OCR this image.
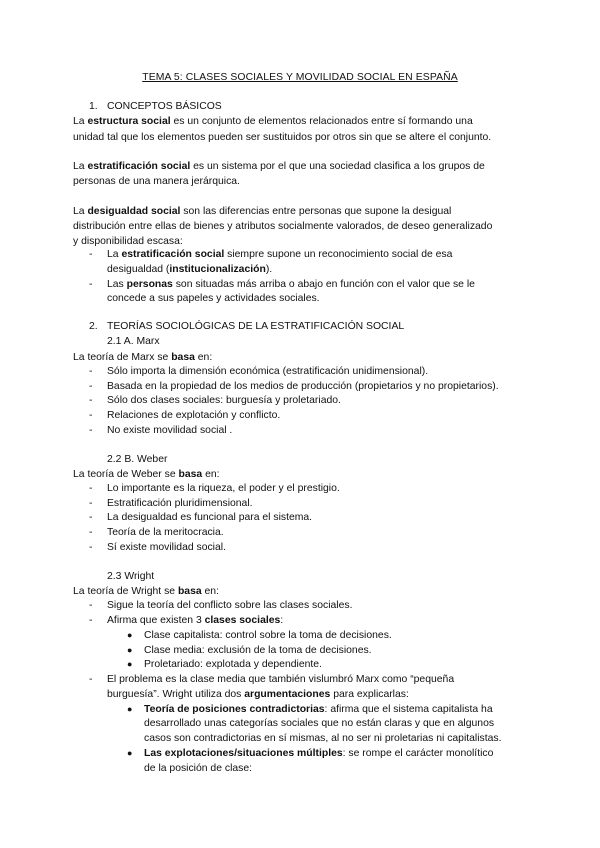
TEMA 5: CLASES SOCIALES Y MOVILIDAD SOCIAL EN ESPAÑA
1. CONCEPTOS BÁSICOS
La estructura social es un conjunto de elementos relacionados entre sí formando una
unidad tal que los elementos pueden ser sustituidos por otros sin que se altere el conjunto.
La estratificación social es un sistema por el que una sociedad clasifica a los grupos de
personas de una manera jerárquica.
La desigualdad social son las diferencias entre personas que supone la desigual
distribución entre ellas de bienes y atributos socialmente valorados, de deseo generalizado
y disponibilidad escasa:
- La estratificación social siempre supone un reconocimiento social de esa
desigualdad (institucionalización).
- Las personas son situadas más arriba o abajo en función con el valor que se le
concede a sus papeles y actividades sociales.
2. TEORÍAS SOCIOLÓGICAS DE LA ESTRATIFICACIÓN SOCIAL
2.1 A. Marx
La teoría de Marx se basa en:
- Sólo importa la dimensión económica (estratificación unidimensional).
- Basada en la propiedad de los medios de producción (propietarios y no propietarios).
- Sólo dos clases sociales: burguesía y proletariado.
- Relaciones de explotación y conflicto.
- No existe movilidad social .
2.2 B. Weber
La teoría de Weber se basa en:
- Lo importante es la riqueza, el poder y el prestigio.
- Estratificación pluridimensional.
- La desigualdad es funcional para el sistema.
- Teoría de la meritocracia.
- Sí existe movilidad social.
2.3 Wright
La teoría de Wright se basa en:
- Sigue la teoría del conflicto sobre las clases sociales.
- Afirma que existen 3 clases sociales:
● Clase capitalista: control sobre la toma de decisiones.
● Clase media: exclusión de la toma de decisiones.
● Proletariado: explotada y dependiente.
- El problema es la clase media que también vislumbró Marx como “pequeña
burguesía”. Wright utiliza dos argumentaciones para explicarlas:
● Teoría de posiciones contradictorias: afirma que el sistema capitalista ha
desarrollado unas categorías sociales que no están claras y que en algunos
casos son contradictorias en sí mismas, al no ser ni proletarias ni capitalistas.
● Las explotaciones/situaciones múltiples: se rompe el carácter monolítico
de la posición de clase:
